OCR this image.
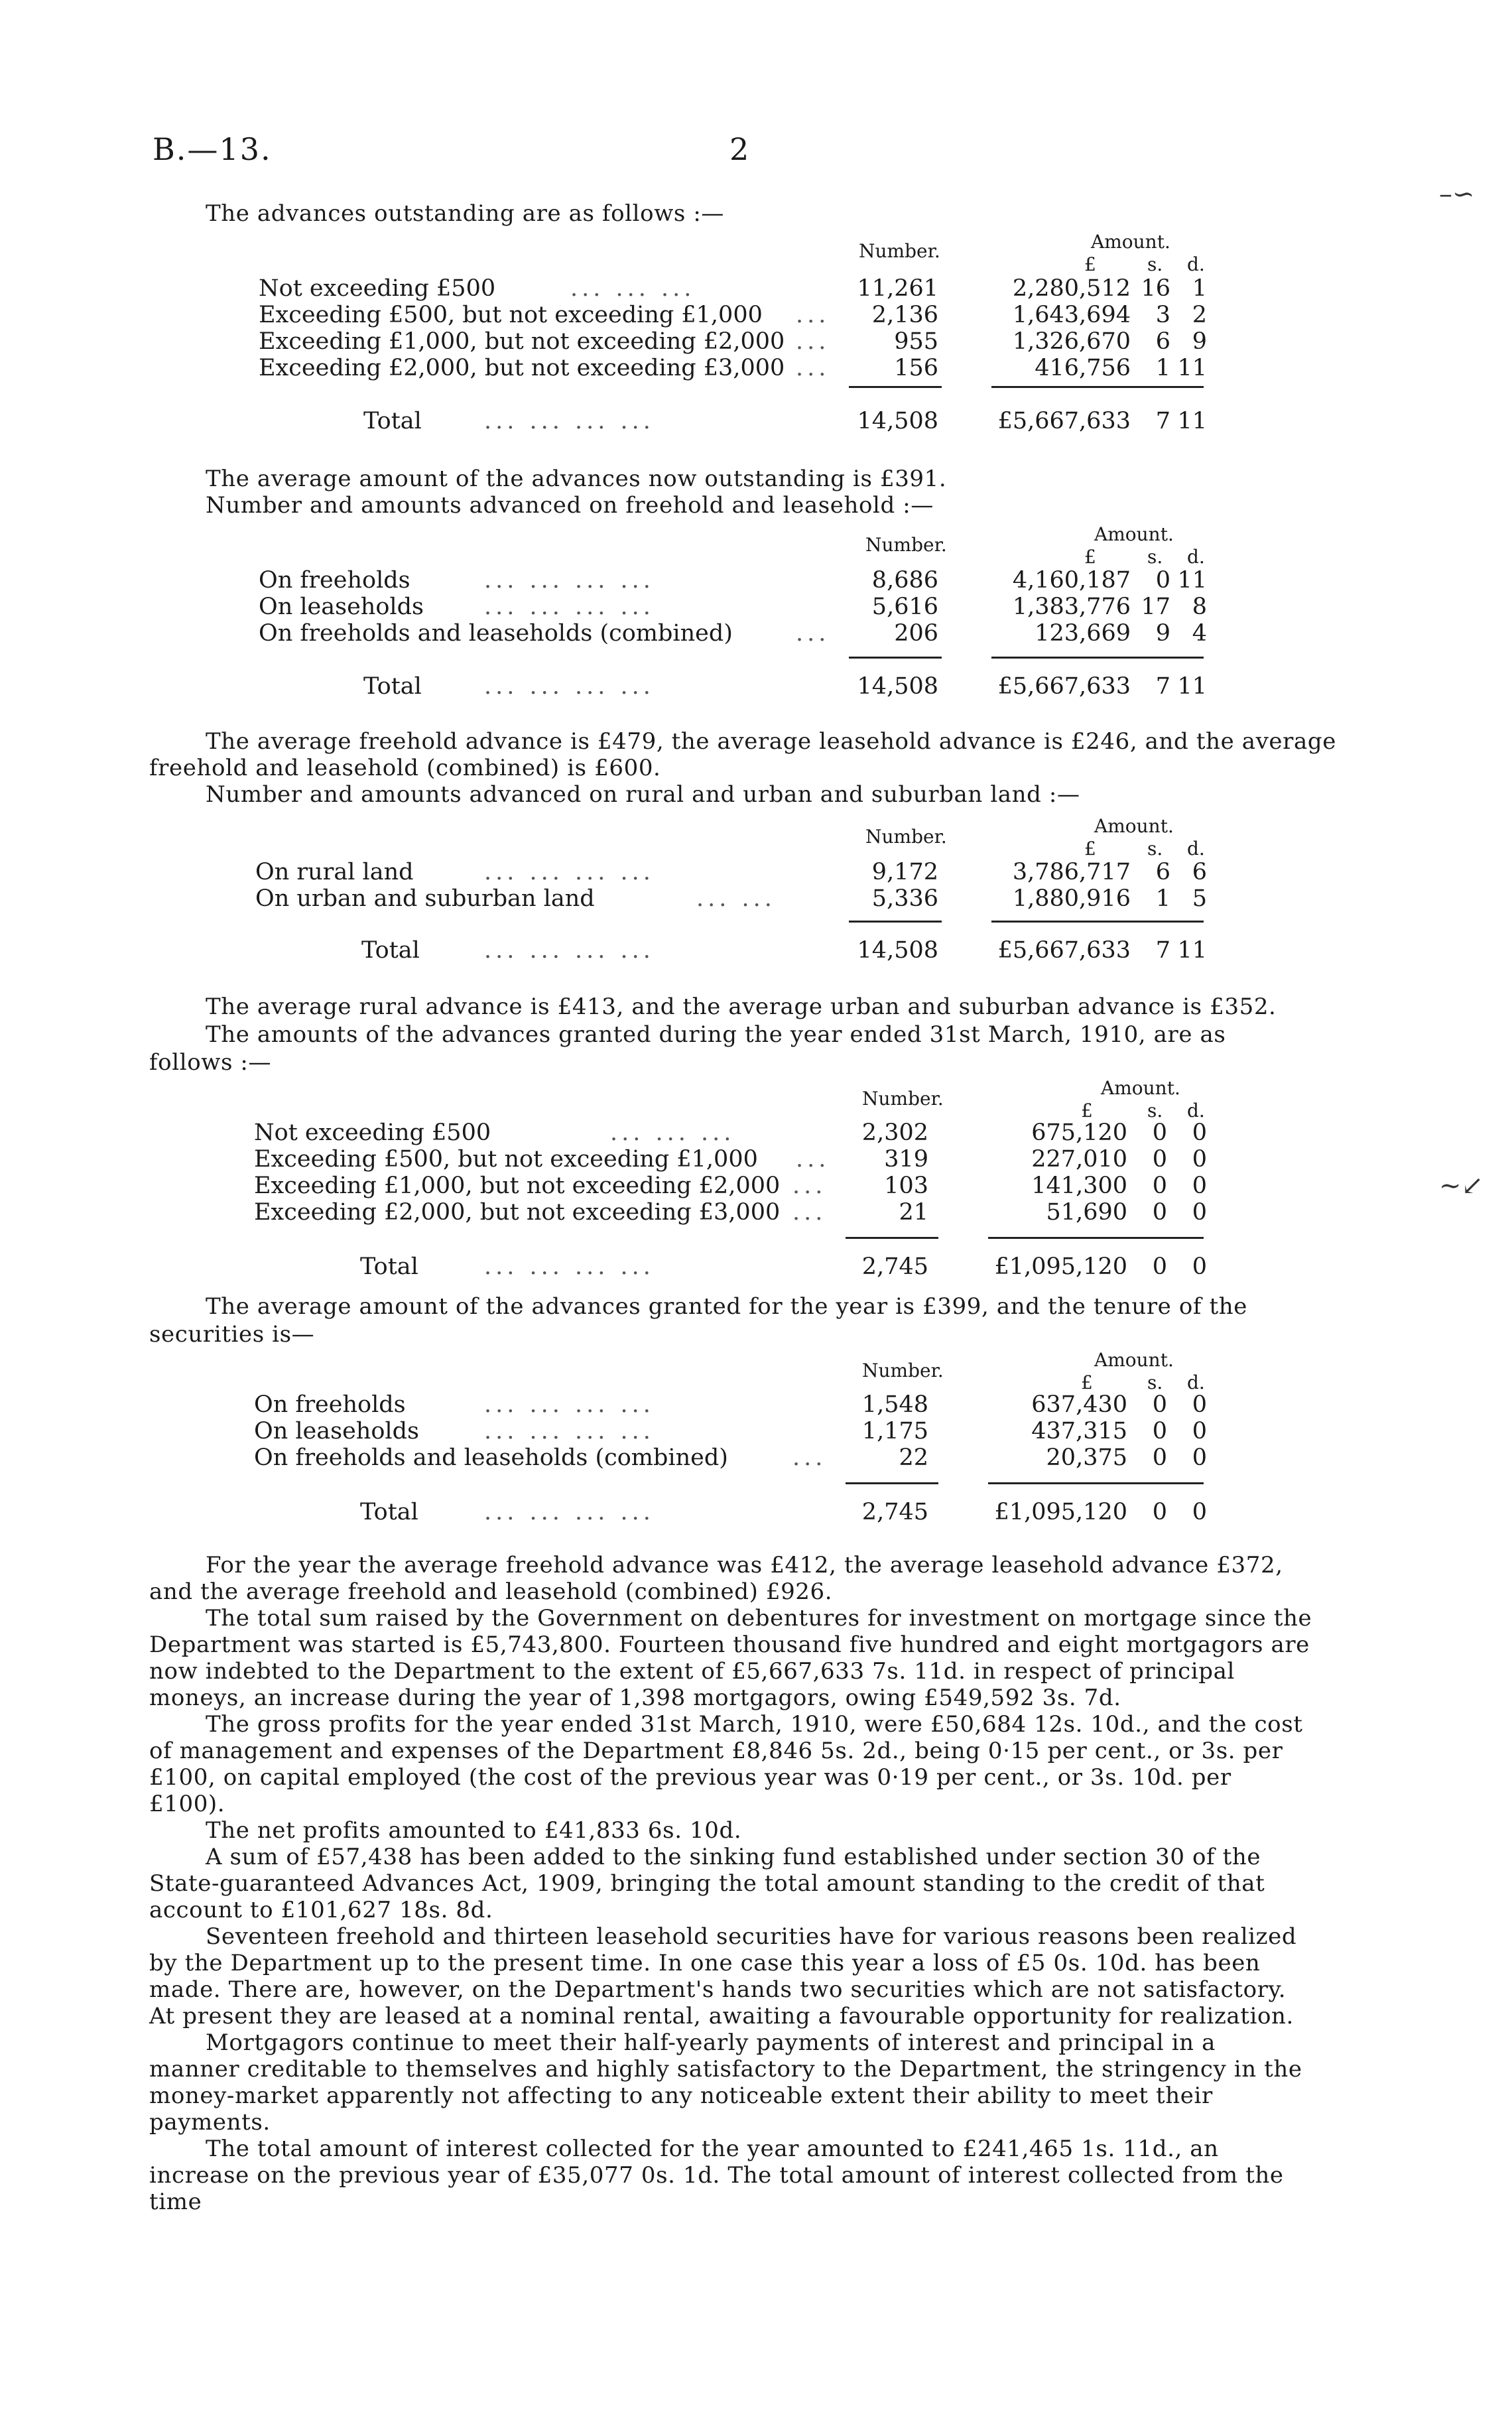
B.—13.	2
–∽
~↙
The advances outstanding are as follows :—
Number.	Amount.
£	s. d.
Not exceeding £500	... ... ...	11,261	2,280,512 16 1
Exceeding £500, but not exceeding £1,000 ...	2,136	1,643,694	3 2
Exceeding £1,000, but not exceeding £2,000 ...	955	1,326,670	6 9
Exceeding £2,000, but not exceeding £3,000 ...	156	416,756	1 11
Total	... ... ... ...	14,508	£5,667,633	7 11
The average amount of the advances now outstanding is £391.
Number and amounts advanced on freehold and leasehold :—
Number.	Amount.
£	s. d.
On freeholds	... ... ... ...	8,686	4,160,187	0 11
On leaseholds	... ... ... ...	5,616	1,383,776 17 8
On freeholds and leaseholds (combined)	...	206	123,669	9 4
Total	... ... ... ...	14,508	£5,667,633	7 11
The average freehold advance is £479, the average leasehold advance is £246, and the average
freehold and leasehold (combined) is £600.
Number and amounts advanced on rural and urban and suburban land :—
Number.	Amount.
£	s. d.
On rural land	... ... ... ...	9,172	3,786,717	6 6
On urban and suburban land	... ...	5,336	1,880,916	1 5
Total	... ... ... ...	14,508	£5,667,633	7 11
The average rural advance is £413, and the average urban and suburban advance is £352.
The amounts of the advances granted during the year ended 31st March, 1910, are as
follows :—
Number.	Amount.
£	s. d.
Not exceeding £500	... ... ...	2,302	675,120	0	0
Exceeding £500, but not exceeding £1,000 ...	319	227,010	0	0
Exceeding £1,000, but not exceeding £2,000 ...	103	141,300	0	0
Exceeding £2,000, but not exceeding £3,000 ...	21	51,690	0	0
Total	... ... ... ...	2,745	£1,095,120	0	0
The average amount of the advances granted for the year is £399, and the tenure of the
securities is—
Number.	Amount.
£	s. d.
On freeholds	... ... ... ...	1,548	637,430	0	0
On leaseholds	... ... ... ...	1,175	437,315	0	0
On freeholds and leaseholds (combined)	...	22	20,375	0	0
Total	... ... ... ...	2,745	£1,095,120	0	0

For the year the average freehold advance was £412, the average leasehold advance £372, and the average freehold and leasehold (combined) £926.

The total sum raised by the Government on debentures for investment on mortgage since the Department was started is £5,743,800. Fourteen thousand five hundred and eight mortgagors are now indebted to the Department to the extent of £5,667,633 7s. 11d. in respect of principal moneys, an increase during the year of 1,398 mortgagors, owing £549,592 3s. 7d.

The gross profits for the year ended 31st March, 1910, were £50,684 12s. 10d., and the cost of management and expenses of the Department £8,846 5s. 2d., being 0·15 per cent., or 3s. per £100, on capital employed (the cost of the previous year was 0·19 per cent., or 3s. 10d. per £100).

The net profits amounted to £41,833 6s. 10d.

A sum of £57,438 has been added to the sinking fund established under section 30 of the State-guaranteed Advances Act, 1909, bringing the total amount standing to the credit of that account to £101,627 18s. 8d.

Seventeen freehold and thirteen leasehold securities have for various reasons been realized by the Department up to the present time. In one case this year a loss of £5 0s. 10d. has been made. There are, however, on the Department's hands two securities which are not satisfactory. At present they are leased at a nominal rental, awaiting a favourable opportunity for realization.

Mortgagors continue to meet their half-yearly payments of interest and principal in a manner creditable to themselves and highly satisfactory to the Department, the stringency in the money-market apparently not affecting to any noticeable extent their ability to meet their payments.

The total amount of interest collected for the year amounted to £241,465 1s. 11d., an increase on the previous year of £35,077 0s. 1d. The total amount of interest collected from the time
